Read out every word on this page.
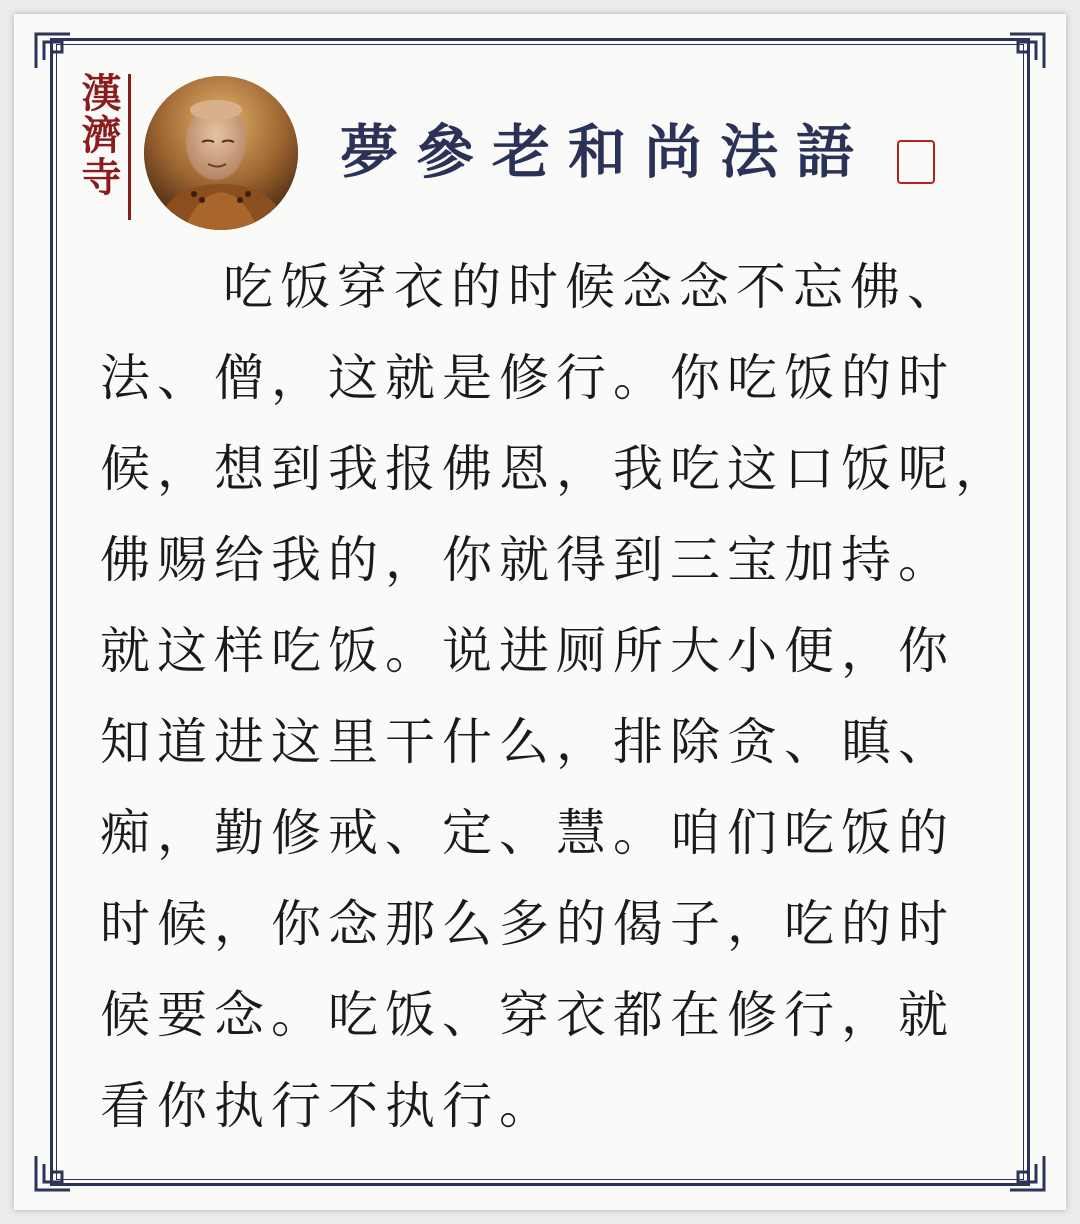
漢濟寺	夢參老和尚法語
吃饭穿衣的时候念念不忘佛、
法、僧，这就是修行。你吃饭的时
候，想到我报佛恩，我吃这口饭呢，
佛赐给我的，你就得到三宝加持。
就这样吃饭。说进厕所大小便，你
知道进这里干什么，排除贪、瞋、
痴，勤修戒、定、慧。咱们吃饭的
时候，你念那么多的偈子，吃的时
候要念。吃饭、穿衣都在修行，就
看你执行不执行。
